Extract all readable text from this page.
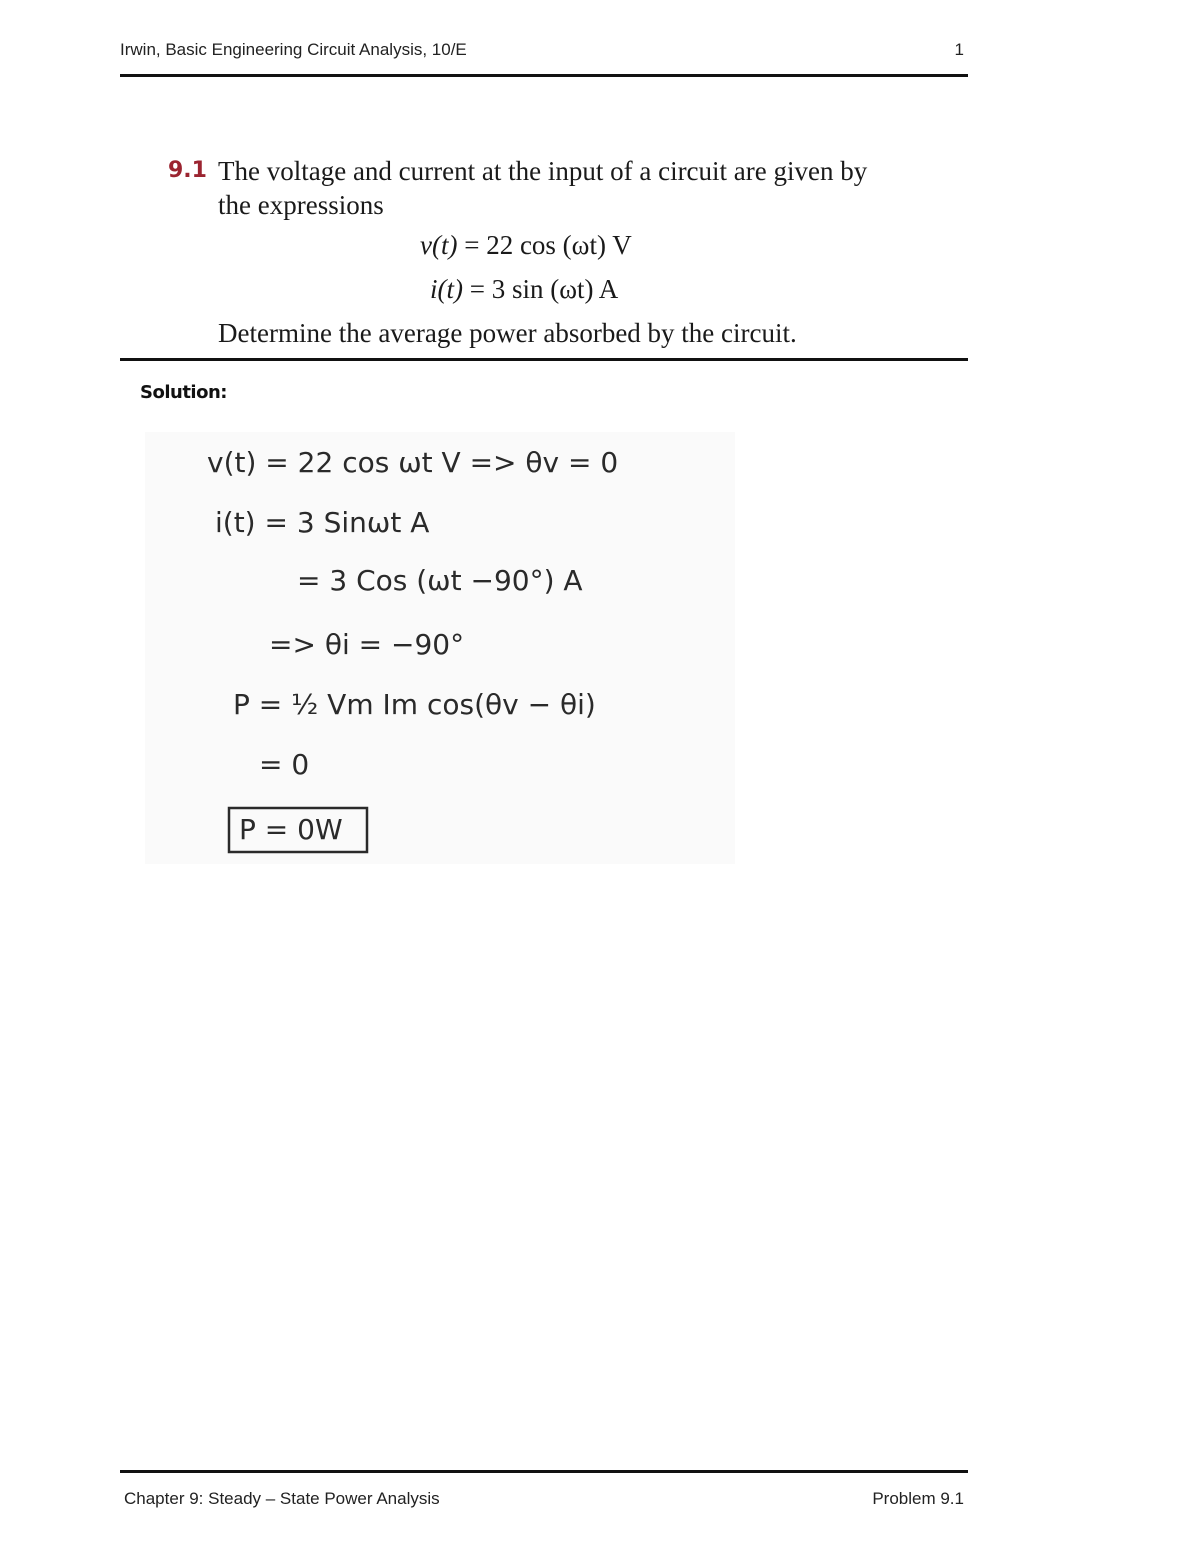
Irwin, Basic Engineering Circuit Analysis, 10/E	1
9.1 The voltage and current at the input of a circuit are given by the expressions
v(t) = 22 cos (ωt) V
i(t) = 3 sin (ωt) A
Determine the average power absorbed by the circuit.
Solution:
v(t) = 22 cos ωt V => θv = 0
i(t) = 3 Sinωt A
= 3 Cos (ωt −90°) A
=> θi = −90°
P = ½ Vm Im cos(θv − θi)
= 0
P = 0W
Chapter 9: Steady – State Power Analysis	Problem 9.1
